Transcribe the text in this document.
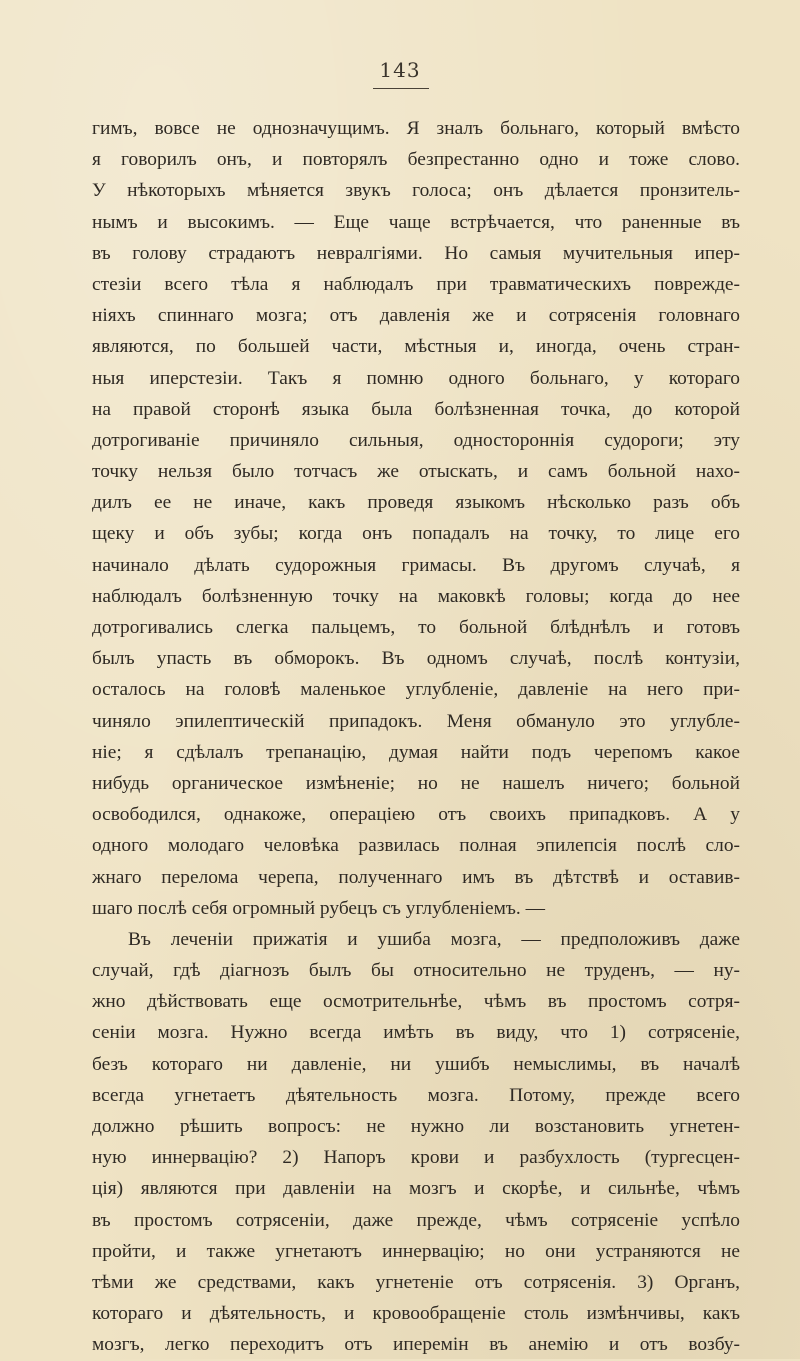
143
гимъ, вовсе не однозначущимъ. Я зналъ больнаго, который вмѣсто
я говорилъ онъ, и повторялъ безпрестанно одно и тоже слово.
У нѣкоторыхъ мѣняется звукъ голоса; онъ дѣлается пронзитель-
нымъ и высокимъ. — Еще чаще встрѣчается, что раненные въ
въ голову страдаютъ невралгіями. Но самыя мучительныя ипер-
стезіи всего тѣла я наблюдалъ при травматическихъ поврежде-
ніяхъ спиннаго мозга; отъ давленія же и сотрясенія головнаго
являются, по большей части, мѣстныя и, иногда, очень стран-
ныя иперстезіи. Такъ я помню одного больнаго, у котораго
на правой сторонѣ языка была болѣзненная точка, до которой
дотрогиваніе причиняло сильныя, одностороннія судороги; эту
точку нельзя было тотчасъ же отыскать, и самъ больной нахо-
дилъ ее не иначе, какъ проведя языкомъ нѣсколько разъ объ
щеку и объ зубы; когда онъ попадалъ на точку, то лице его
начинало дѣлать судорожныя гримасы. Въ другомъ случаѣ, я
наблюдалъ болѣзненную точку на маковкѣ головы; когда до нее
дотрогивались слегка пальцемъ, то больной блѣднѣлъ и готовъ
былъ упасть въ обморокъ. Въ одномъ случаѣ, послѣ контузіи,
осталось на головѣ маленькое углубленіе, давленіе на него при-
чиняло эпилептическій припадокъ. Меня обмануло это углубле-
ніе; я сдѣлалъ трепанацію, думая найти подъ черепомъ какое
нибудь органическое измѣненіе; но не нашелъ ничего; больной
освободился, однакоже, операціею отъ своихъ припадковъ. А у
одного молодаго человѣка развилась полная эпилепсія послѣ сло-
жнаго перелома черепа, полученнаго имъ въ дѣтствѣ и оставив-
шаго послѣ себя огромный рубецъ съ углубленіемъ. —
Въ леченіи прижатія и ушиба мозга, — предположивъ даже
случай, гдѣ діагнозъ былъ бы относительно не труденъ, — ну-
жно дѣйствовать еще осмотрительнѣе, чѣмъ въ простомъ сотря-
сеніи мозга. Нужно всегда имѣть въ виду, что 1) сотрясеніе,
безъ котораго ни давленіе, ни ушибъ немыслимы, въ началѣ
всегда угнетаетъ дѣятельность мозга. Потому, прежде всего
должно рѣшить вопросъ: не нужно ли возстановить угнетен-
ную иннервацію? 2) Напоръ крови и разбухлость (тургесцен-
ція) являются при давленіи на мозгъ и скорѣе, и сильнѣе, чѣмъ
въ простомъ сотрясеніи, даже прежде, чѣмъ сотрясеніе успѣло
пройти, и также угнетаютъ иннервацію; но они устраняются не
тѣми же средствами, какъ угнетеніе отъ сотрясенія. 3) Органъ,
котораго и дѣятельность, и кровообращеніе столь измѣнчивы, какъ
мозгъ, легко переходитъ отъ иперемін въ анемію и отъ возбу-
